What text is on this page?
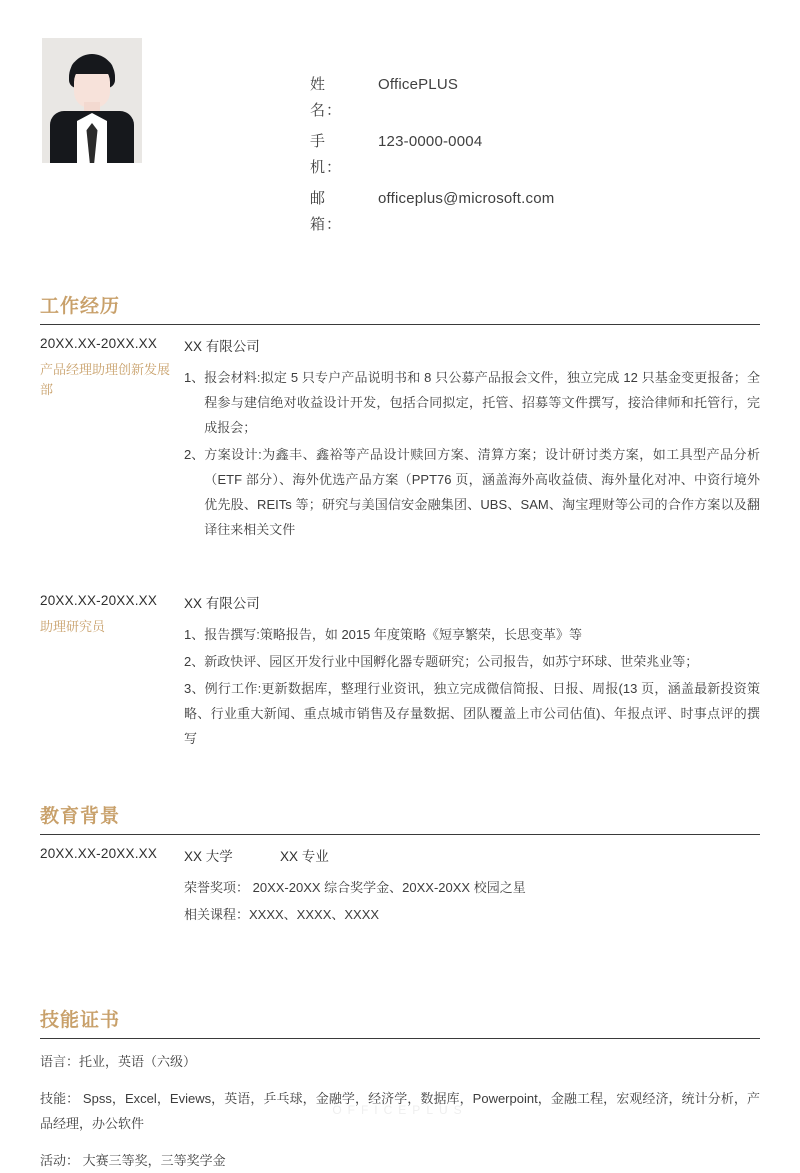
姓　 名：
OfficePLUS
手　 机：
123-0000-0004
邮　 箱：
officeplus@microsoft.com
工作经历
20XX.XX-20XX.XX
产品经理助理创新发展部
XX 有限公司
1、 报会材料:拟定 5 只专户产品说明书和 8 只公募产品报会文件，独立完成 12 只基金变更报备；全程参与建信绝对收益设计开发，包括合同拟定，托管、招募等文件撰写，接洽律师和托管行，完成报会；
2、 方案设计:为鑫丰、鑫裕等产品设计赎回方案、清算方案；设计研讨类方案，如工具型产品分析（ETF 部分）、海外优选产品方案（PPT76 页，涵盖海外高收益债、海外量化对冲、中资行境外优先股、REITs 等；研究与美国信安金融集团、UBS、SAM、淘宝理财等公司的合作方案以及翻译往来相关文件
20XX.XX-20XX.XX
助理研究员
XX 有限公司
1、报告撰写:策略报告，如 2015 年度策略《短享繁荣，长思变革》等
2、新政快评、园区开发行业中国孵化器专题研究；公司报告，如苏宁环球、世荣兆业等；
3、例行工作:更新数据库，整理行业资讯，独立完成微信简报、日报、周报(13 页，涵盖最新投资策略、行业重大新闻、重点城市销售及存量数据、团队覆盖上市公司估值)、年报点评、时事点评的撰写
教育背景
20XX.XX-20XX.XX	XX 大学	XX 专业
荣誉奖项： 20XX-20XX 综合奖学金、20XX-20XX 校园之星
相关课程：XXXX、XXXX、XXXX
技能证书
语言：托业，英语（六级）
技能： Spss，Excel，Eviews，英语，乒乓球，金融学，经济学，数据库，Powerpoint，金融工程，宏观经济，统计分析，产品经理，办公软件
活动： 大赛三等奖，三等奖学金
OFFICEPLUS
